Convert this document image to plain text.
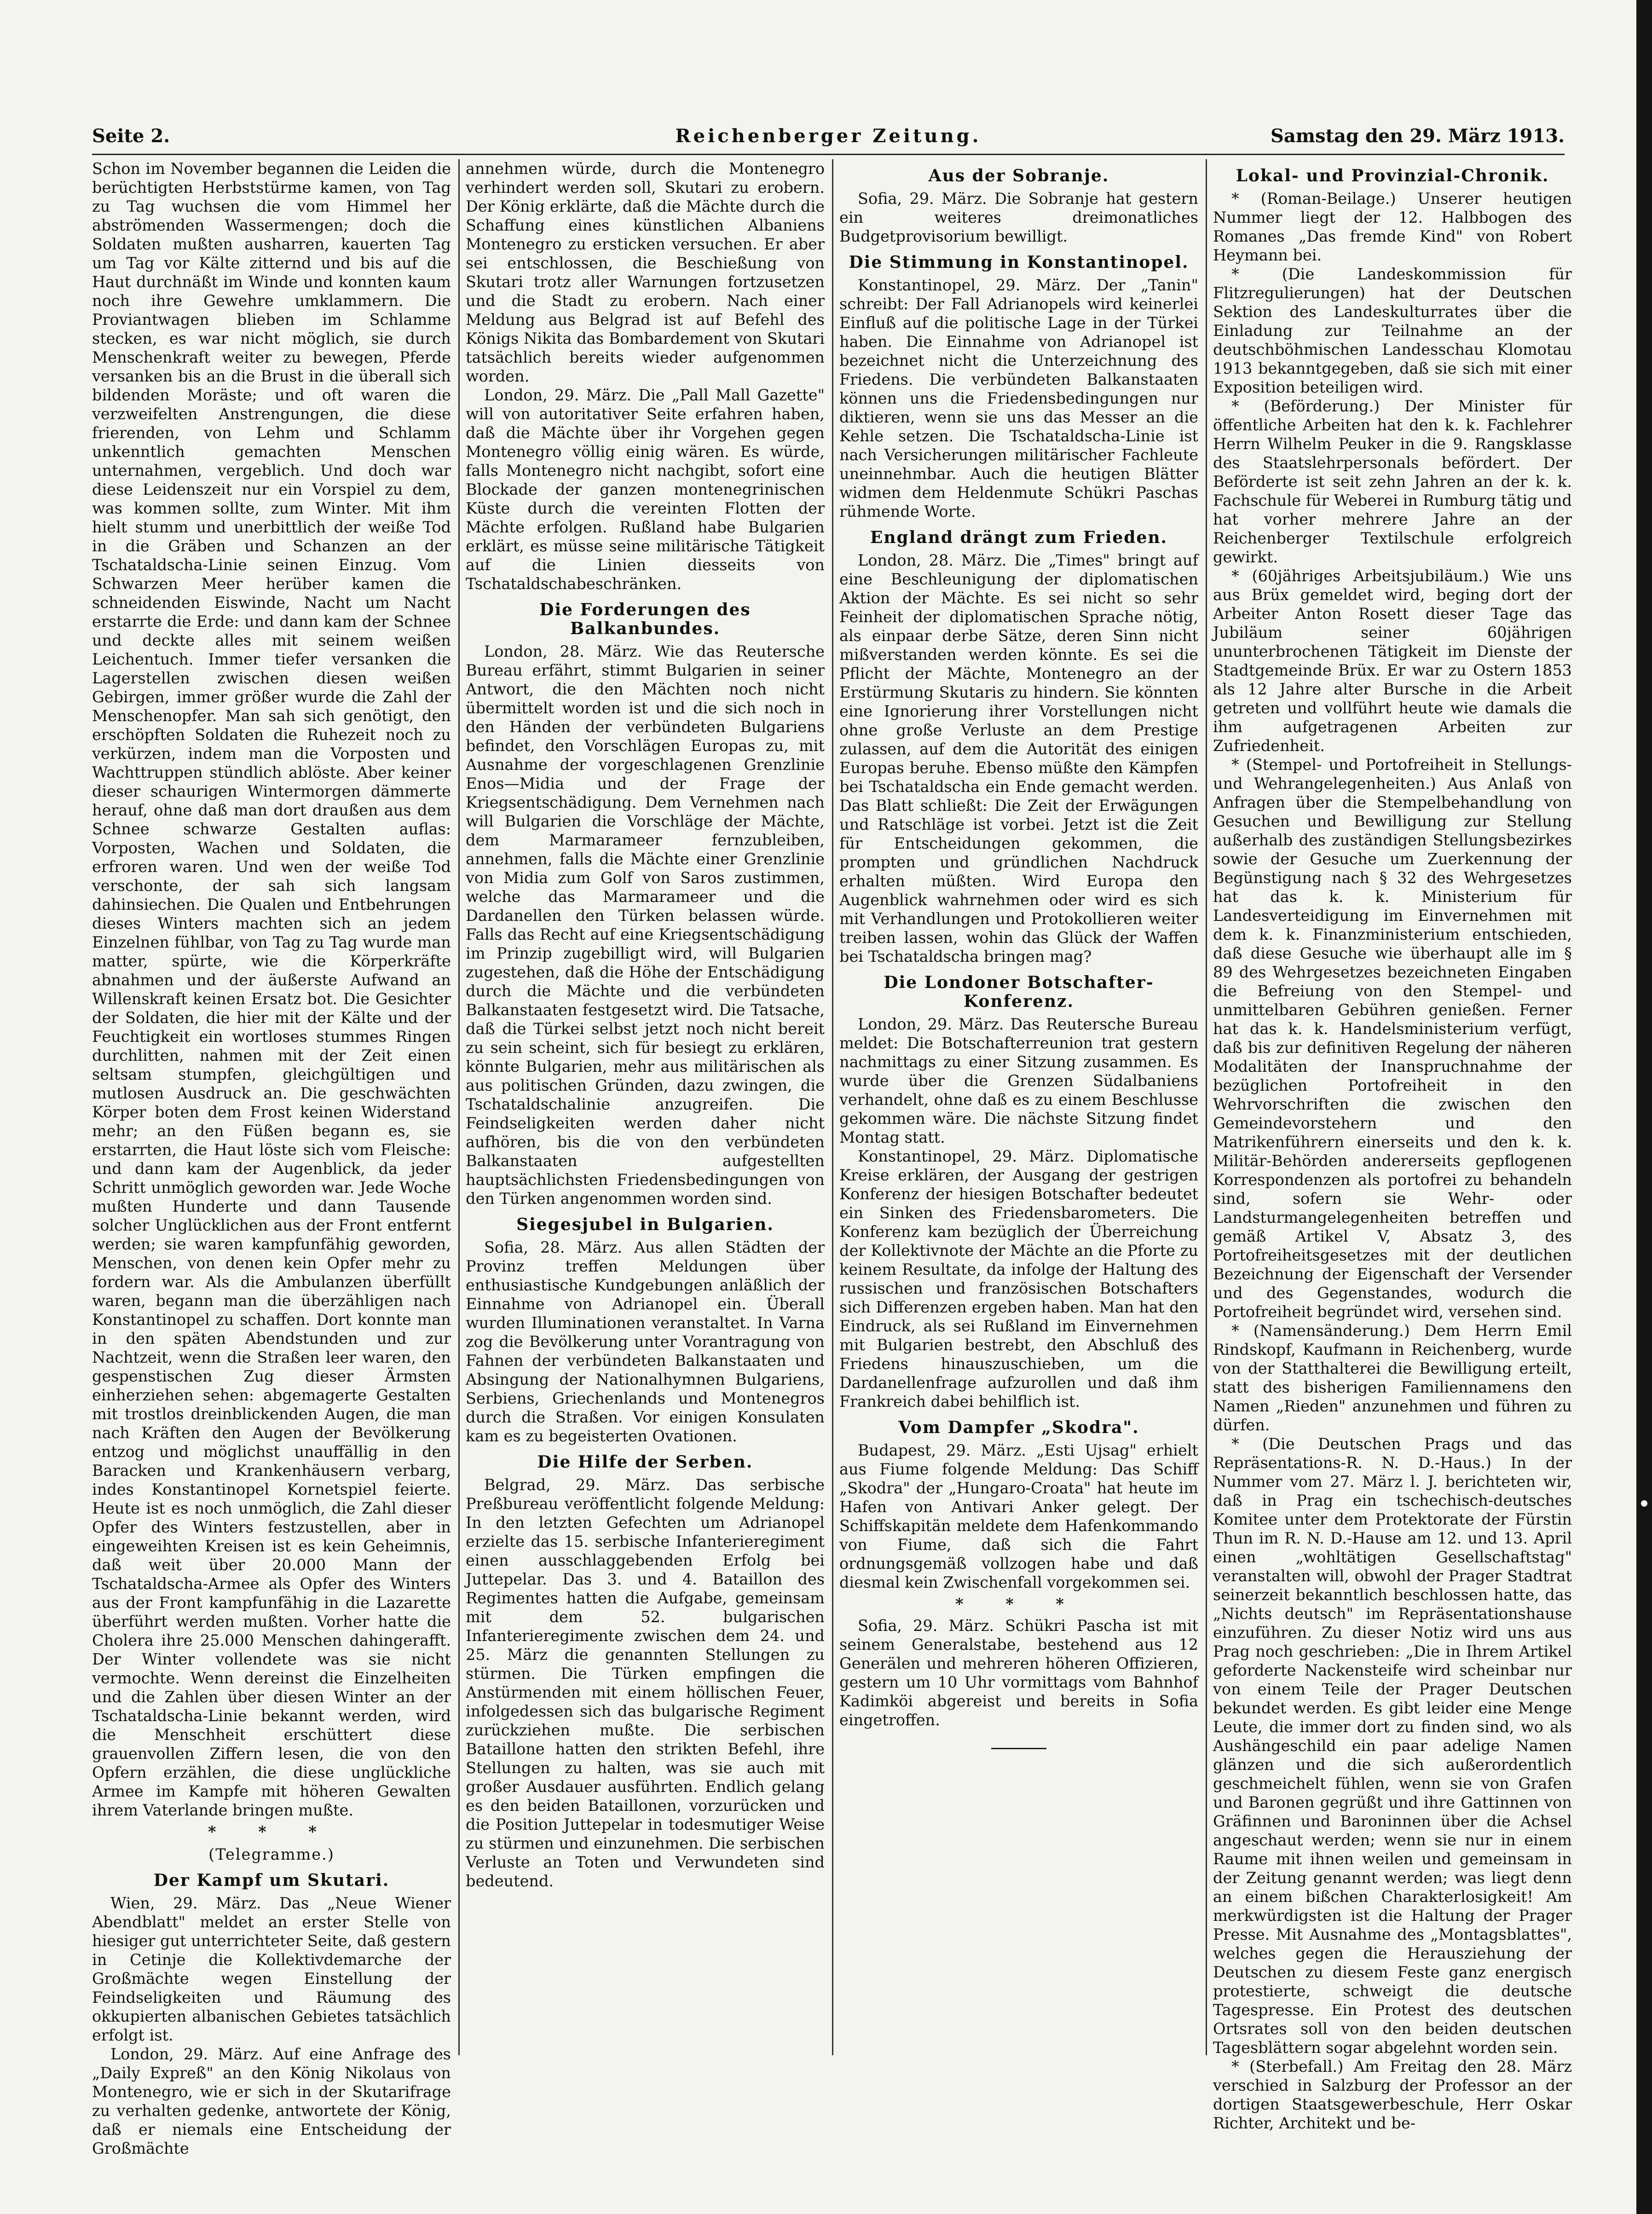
Seite 2.	Reichenberger Zeitung.	Samstag den 29. März 1913.

Schon im November begannen die Leiden die berüchtigten Herbststürme kamen, von Tag zu Tag wuchsen die vom Himmel her abströmenden Wassermengen; doch die Soldaten mußten ausharren, kauerten Tag um Tag vor Kälte zitternd und bis auf die Haut durchnäßt im Winde und konnten kaum noch ihre Gewehre umklammern. Die Proviantwagen blieben im Schlamme stecken, es war nicht möglich, sie durch Menschenkraft weiter zu bewegen, Pferde versanken bis an die Brust in die überall sich bildenden Moräste; und oft waren die verzweifelten Anstrengungen, die diese frierenden, von Lehm und Schlamm unkenntlich gemachten Menschen unternahmen, vergeblich. Und doch war diese Leidenszeit nur ein Vorspiel zu dem, was kommen sollte, zum Winter. Mit ihm hielt stumm und unerbittlich der weiße Tod in die Gräben und Schanzen an der Tschataldscha-Linie seinen Einzug. Vom Schwarzen Meer herüber kamen die schneidenden Eiswinde, Nacht um Nacht erstarrte die Erde: und dann kam der Schnee und deckte alles mit seinem weißen Leichentuch. Immer tiefer versanken die Lagerstellen zwischen diesen weißen Gebirgen, immer größer wurde die Zahl der Menschenopfer. Man sah sich genötigt, den erschöpften Soldaten die Ruhezeit noch zu verkürzen, indem man die Vorposten und Wachttruppen stündlich ablöste. Aber keiner dieser schaurigen Wintermorgen dämmerte herauf, ohne daß man dort draußen aus dem Schnee schwarze Gestalten auflas: Vorposten, Wachen und Soldaten, die erfroren waren. Und wen der weiße Tod verschonte, der sah sich langsam dahinsiechen. Die Qualen und Entbehrungen dieses Winters machten sich an jedem Einzelnen fühlbar, von Tag zu Tag wurde man matter, spürte, wie die Körperkräfte abnahmen und der äußerste Aufwand an Willenskraft keinen Ersatz bot. Die Gesichter der Soldaten, die hier mit der Kälte und der Feuchtigkeit ein wortloses stummes Ringen durchlitten, nahmen mit der Zeit einen seltsam stumpfen, gleichgültigen und mutlosen Ausdruck an. Die geschwächten Körper boten dem Frost keinen Widerstand mehr; an den Füßen begann es, sie erstarrten, die Haut löste sich vom Fleische: und dann kam der Augenblick, da jeder Schritt unmöglich geworden war. Jede Woche mußten Hunderte und dann Tausende solcher Unglücklichen aus der Front entfernt werden; sie waren kampfunfähig geworden, Menschen, von denen kein Opfer mehr zu fordern war. Als die Ambulanzen überfüllt waren, begann man die überzähligen nach Konstantinopel zu schaffen. Dort konnte man in den späten Abendstunden und zur Nachtzeit, wenn die Straßen leer waren, den gespenstischen Zug dieser Ärmsten einherziehen sehen: abgemagerte Gestalten mit trostlos dreinblickenden Augen, die man nach Kräften den Augen der Bevölkerung entzog und möglichst unauffällig in den Baracken und Krankenhäusern verbarg, indes Konstantinopel Kornetspiel feierte. Heute ist es noch unmöglich, die Zahl dieser Opfer des Winters festzustellen, aber in eingeweihten Kreisen ist es kein Geheimnis, daß weit über 20.000 Mann der Tschataldscha-Armee als Opfer des Winters aus der Front kampfunfähig in die Lazarette überführt werden mußten. Vorher hatte die Cholera ihre 25.000 Menschen dahingerafft. Der Winter vollendete was sie nicht vermochte. Wenn dereinst die Einzelheiten und die Zahlen über diesen Winter an der Tschataldscha-Linie bekannt werden, wird die Menschheit erschüttert diese grauenvollen Ziffern lesen, die von den Opfern erzählen, die diese unglückliche Armee im Kampfe mit höheren Gewalten ihrem Vaterlande bringen mußte.

* * *
(Telegramme.)
Der Kampf um Skutari.

Wien, 29. März. Das „Neue Wiener Abendblatt" meldet an erster Stelle von hiesiger gut unterrichteter Seite, daß gestern in Cetinje die Kollektivdemarche der Großmächte wegen Einstellung der Feindseligkeiten und Räumung des okkupierten albanischen Gebietes tatsächlich erfolgt ist.

London, 29. März. Auf eine Anfrage des „Daily Expreß" an den König Nikolaus von Montenegro, wie er sich in der Skutarifrage zu verhalten gedenke, antwortete der König, daß er niemals eine Entscheidung der Großmächte

annehmen würde, durch die Montenegro verhindert werden soll, Skutari zu erobern. Der König erklärte, daß die Mächte durch die Schaffung eines künstlichen Albaniens Montenegro zu ersticken versuchen. Er aber sei entschlossen, die Beschießung von Skutari trotz aller Warnungen fortzusetzen und die Stadt zu erobern. Nach einer Meldung aus Belgrad ist auf Befehl des Königs Nikita das Bombardement von Skutari tatsächlich bereits wieder aufgenommen worden.

London, 29. März. Die „Pall Mall Gazette" will von autoritativer Seite erfahren haben, daß die Mächte über ihr Vorgehen gegen Montenegro völlig einig wären. Es würde, falls Montenegro nicht nachgibt, sofort eine Blockade der ganzen montenegrinischen Küste durch die vereinten Flotten der Mächte erfolgen. Rußland habe Bulgarien erklärt, es müsse seine militärische Tätigkeit auf die Linien diesseits von Tschataldschabeschränken.

Die Forderungen des Balkanbundes.

London, 28. März. Wie das Reutersche Bureau erfährt, stimmt Bulgarien in seiner Antwort, die den Mächten noch nicht übermittelt worden ist und die sich noch in den Händen der verbündeten Bulgariens befindet, den Vorschlägen Europas zu, mit Ausnahme der vorgeschlagenen Grenzlinie Enos—Midia und der Frage der Kriegsentschädigung. Dem Vernehmen nach will Bulgarien die Vorschläge der Mächte, dem Marmarameer fernzubleiben, annehmen, falls die Mächte einer Grenzlinie von Midia zum Golf von Saros zustimmen, welche das Marmarameer und die Dardanellen den Türken belassen würde. Falls das Recht auf eine Kriegsentschädigung im Prinzip zugebilligt wird, will Bulgarien zugestehen, daß die Höhe der Entschädigung durch die Mächte und die verbündeten Balkanstaaten festgesetzt wird. Die Tatsache, daß die Türkei selbst jetzt noch nicht bereit zu sein scheint, sich für besiegt zu erklären, könnte Bulgarien, mehr aus militärischen als aus politischen Gründen, dazu zwingen, die Tschataldschalinie anzugreifen. Die Feindseligkeiten werden daher nicht aufhören, bis die von den verbündeten Balkanstaaten aufgestellten hauptsächlichsten Friedensbedingungen von den Türken angenommen worden sind.

Siegesjubel in Bulgarien.

Sofia, 28. März. Aus allen Städten der Provinz treffen Meldungen über enthusiastische Kundgebungen anläßlich der Einnahme von Adrianopel ein. Überall wurden Illuminationen veranstaltet. In Varna zog die Bevölkerung unter Vorantragung von Fahnen der verbündeten Balkanstaaten und Absingung der Nationalhymnen Bulgariens, Serbiens, Griechenlands und Montenegros durch die Straßen. Vor einigen Konsulaten kam es zu begeisterten Ovationen.

Die Hilfe der Serben.

Belgrad, 29. März. Das serbische Preßbureau veröffentlicht folgende Meldung: In den letzten Gefechten um Adrianopel erzielte das 15. serbische Infanterieregiment einen ausschlaggebenden Erfolg bei Juttepelar. Das 3. und 4. Bataillon des Regimentes hatten die Aufgabe, gemeinsam mit dem 52. bulgarischen Infanterieregimente zwischen dem 24. und 25. März die genannten Stellungen zu stürmen. Die Türken empfingen die Anstürmenden mit einem höllischen Feuer, infolgedessen sich das bulgarische Regiment zurückziehen mußte. Die serbischen Bataillone hatten den strikten Befehl, ihre Stellungen zu halten, was sie auch mit großer Ausdauer ausführten. Endlich gelang es den beiden Bataillonen, vorzurücken und die Position Juttepelar in todesmutiger Weise zu stürmen und einzunehmen. Die serbischen Verluste an Toten und Verwundeten sind bedeutend.

Aus der Sobranje.

Sofia, 29. März. Die Sobranje hat gestern ein weiteres dreimonatliches Budgetprovisorium bewilligt.

Die Stimmung in Konstantinopel.

Konstantinopel, 29. März. Der „Tanin" schreibt: Der Fall Adrianopels wird keinerlei Einfluß auf die politische Lage in der Türkei haben. Die Einnahme von Adrianopel ist bezeichnet nicht die Unterzeichnung des Friedens. Die verbündeten Balkanstaaten können uns die Friedensbedingungen nur diktieren, wenn sie uns das Messer an die Kehle setzen. Die Tschataldscha-Linie ist nach Versicherungen militärischer Fachleute uneinnehmbar. Auch die heutigen Blätter widmen dem Heldenmute Schükri Paschas rühmende Worte.

England drängt zum Frieden.

London, 28. März. Die „Times" bringt auf eine Beschleunigung der diplomatischen Aktion der Mächte. Es sei nicht so sehr Feinheit der diplomatischen Sprache nötig, als einpaar derbe Sätze, deren Sinn nicht mißverstanden werden könnte. Es sei die Pflicht der Mächte, Montenegro an der Erstürmung Skutaris zu hindern. Sie könnten eine Ignorierung ihrer Vorstellungen nicht ohne große Verluste an dem Prestige zulassen, auf dem die Autorität des einigen Europas beruhe. Ebenso müßte den Kämpfen bei Tschataldscha ein Ende gemacht werden. Das Blatt schließt: Die Zeit der Erwägungen und Ratschläge ist vorbei. Jetzt ist die Zeit für Entscheidungen gekommen, die prompten und gründlichen Nachdruck erhalten müßten. Wird Europa den Augenblick wahrnehmen oder wird es sich mit Verhandlungen und Protokollieren weiter treiben lassen, wohin das Glück der Waffen bei Tschataldscha bringen mag?

Die Londoner Botschafter-Konferenz.

London, 29. März. Das Reutersche Bureau meldet: Die Botschafterreunion trat gestern nachmittags zu einer Sitzung zusammen. Es wurde über die Grenzen Südalbaniens verhandelt, ohne daß es zu einem Beschlusse gekommen wäre. Die nächste Sitzung findet Montag statt.

Konstantinopel, 29. März. Diplomatische Kreise erklären, der Ausgang der gestrigen Konferenz der hiesigen Botschafter bedeutet ein Sinken des Friedensbarometers. Die Konferenz kam bezüglich der Überreichung der Kollektivnote der Mächte an die Pforte zu keinem Resultate, da infolge der Haltung des russischen und französischen Botschafters sich Differenzen ergeben haben. Man hat den Eindruck, als sei Rußland im Einvernehmen mit Bulgarien bestrebt, den Abschluß des Friedens hinauszuschieben, um die Dardanellenfrage aufzurollen und daß ihm Frankreich dabei behilflich ist.

Vom Dampfer „Skodra".

Budapest, 29. März. „Esti Ujsag" erhielt aus Fiume folgende Meldung: Das Schiff „Skodra" der „Hungaro-Croata" hat heute im Hafen von Antivari Anker gelegt. Der Schiffskapitän meldete dem Hafenkommando von Fiume, daß sich die Fahrt ordnungsgemäß vollzogen habe und daß diesmal kein Zwischenfall vorgekommen sei.

* * *

Sofia, 29. März. Schükri Pascha ist mit seinem Generalstabe, bestehend aus 12 Generälen und mehreren höheren Offizieren, gestern um 10 Uhr vormittags vom Bahnhof Kadimköi abgereist und bereits in Sofia eingetroffen.

Lokal- und Provinzial-Chronik.

* (Roman-Beilage.) Unserer heutigen Nummer liegt der 12. Halbbogen des Romanes „Das fremde Kind" von Robert Heymann bei.

* (Die Landeskommission für Flitzregulierungen) hat der Deutschen Sektion des Landeskulturrates über die Einladung zur Teilnahme an der deutschböhmischen Landesschau Klomotau 1913 bekanntgegeben, daß sie sich mit einer Exposition beteiligen wird.

* (Beförderung.) Der Minister für öffentliche Arbeiten hat den k. k. Fachlehrer Herrn Wilhelm Peuker in die 9. Rangsklasse des Staatslehrpersonals befördert. Der Beförderte ist seit zehn Jahren an der k. k. Fachschule für Weberei in Rumburg tätig und hat vorher mehrere Jahre an der Reichenberger Textilschule erfolgreich gewirkt.

* (60jähriges Arbeitsjubiläum.) Wie uns aus Brüx gemeldet wird, beging dort der Arbeiter Anton Rosett dieser Tage das Jubiläum seiner 60jährigen ununterbrochenen Tätigkeit im Dienste der Stadtgemeinde Brüx. Er war zu Ostern 1853 als 12 Jahre alter Bursche in die Arbeit getreten und vollführt heute wie damals die ihm aufgetragenen Arbeiten zur Zufriedenheit.

* (Stempel- und Portofreiheit in Stellungs- und Wehrangelegenheiten.) Aus Anlaß von Anfragen über die Stempelbehandlung von Gesuchen und Bewilligung zur Stellung außerhalb des zuständigen Stellungsbezirkes sowie der Gesuche um Zuerkennung der Begünstigung nach § 32 des Wehrgesetzes hat das k. k. Ministerium für Landesverteidigung im Einvernehmen mit dem k. k. Finanzministerium entschieden, daß diese Gesuche wie überhaupt alle im § 89 des Wehrgesetzes bezeichneten Eingaben die Befreiung von den Stempel- und unmittelbaren Gebühren genießen. Ferner hat das k. k. Handelsministerium verfügt, daß bis zur definitiven Regelung der näheren Modalitäten der Inanspruchnahme der bezüglichen Portofreiheit in den Wehrvorschriften die zwischen den Gemeindevorstehern und den Matrikenführern einerseits und den k. k. Militär-Behörden andererseits gepflogenen Korrespondenzen als portofrei zu behandeln sind, sofern sie Wehr- oder Landsturmangelegenheiten betreffen und gemäß Artikel V, Absatz 3, des Portofreiheitsgesetzes mit der deutlichen Bezeichnung der Eigenschaft der Versender und des Gegenstandes, wodurch die Portofreiheit begründet wird, versehen sind.

* (Namensänderung.) Dem Herrn Emil Rindskopf, Kaufmann in Reichenberg, wurde von der Statthalterei die Bewilligung erteilt, statt des bisherigen Familiennamens den Namen „Rieden" anzunehmen und führen zu dürfen.

* (Die Deutschen Prags und das Repräsentations-R. N. D.-Haus.) In der Nummer vom 27. März l. J. berichteten wir, daß in Prag ein tschechisch-deutsches Komitee unter dem Protektorate der Fürstin Thun im R. N. D.-Hause am 12. und 13. April einen „wohltätigen Gesellschaftstag" veranstalten will, obwohl der Prager Stadtrat seinerzeit bekanntlich beschlossen hatte, das „Nichts deutsch" im Repräsentationshause einzuführen. Zu dieser Notiz wird uns aus Prag noch geschrieben: „Die in Ihrem Artikel geforderte Nackensteife wird scheinbar nur von einem Teile der Prager Deutschen bekundet werden. Es gibt leider eine Menge Leute, die immer dort zu finden sind, wo als Aushängeschild ein paar adelige Namen glänzen und die sich außerordentlich geschmeichelt fühlen, wenn sie von Grafen und Baronen gegrüßt und ihre Gattinnen von Gräfinnen und Baroninnen über die Achsel angeschaut werden; wenn sie nur in einem Raume mit ihnen weilen und gemeinsam in der Zeitung genannt werden; was liegt denn an einem bißchen Charakterlosigkeit! Am merkwürdigsten ist die Haltung der Prager Presse. Mit Ausnahme des „Montagsblattes", welches gegen die Herausziehung der Deutschen zu diesem Feste ganz energisch protestierte, schweigt die deutsche Tagespresse. Ein Protest des deutschen Ortsrates soll von den beiden deutschen Tagesblättern sogar abgelehnt worden sein.

* (Sterbefall.) Am Freitag den 28. März verschied in Salzburg der Professor an der dortigen Staatsgewerbeschule, Herr Oskar Richter, Architekt und be-
